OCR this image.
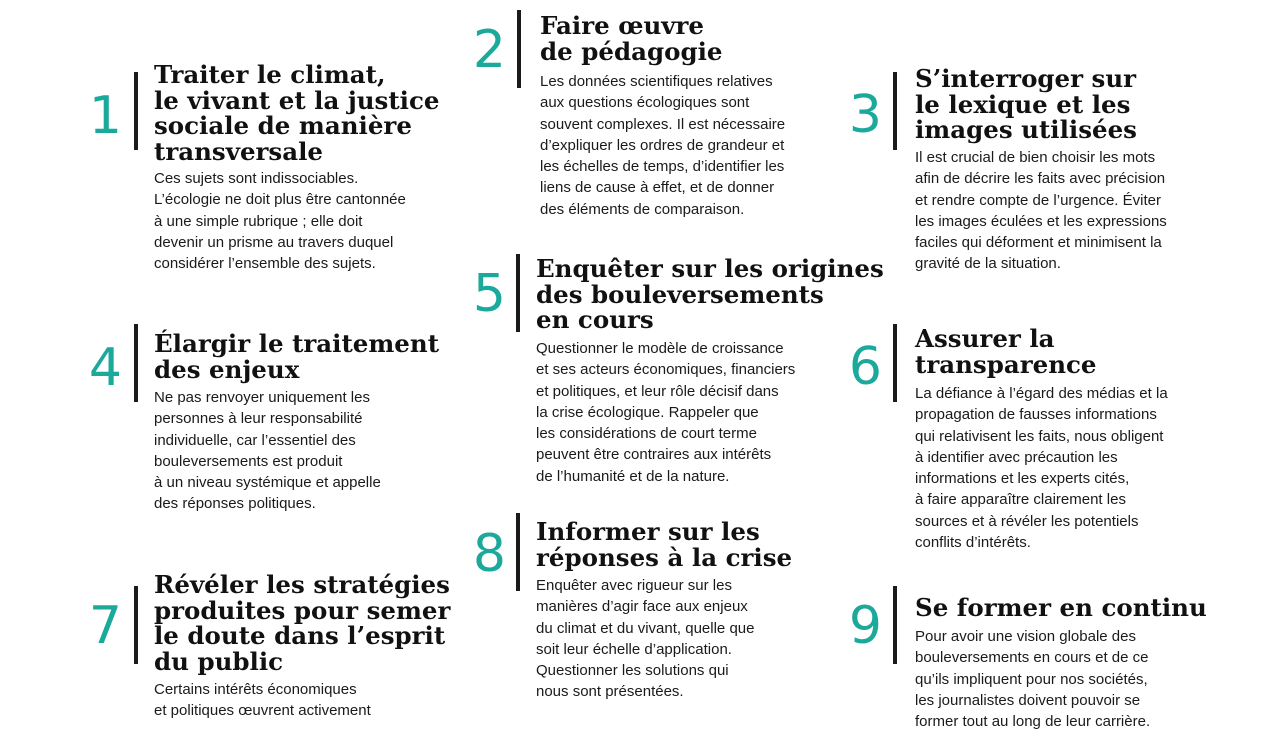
1
Traiter le climat,
le vivant et la justice
sociale de manière
transversale
Ces sujets sont indissociables.
L’écologie ne doit plus être cantonnée
à une simple rubrique ; elle doit
devenir un prisme au travers duquel
considérer l’ensemble des sujets.
2 Faire œuvre
de pédagogie
Les données scientifiques relatives
aux questions écologiques sont
souvent complexes. Il est nécessaire
d’expliquer les ordres de grandeur et
les échelles de temps, d’identifier les
liens de cause à effet, et de donner
des éléments de comparaison.
3
S’interroger sur
le lexique et les
images utilisées
Il est crucial de bien choisir les mots
afin de décrire les faits avec précision
et rendre compte de l’urgence. Éviter
les images éculées et les expressions
faciles qui déforment et minimisent la
gravité de la situation.
4 Élargir le traitement
des enjeux
Ne pas renvoyer uniquement les
personnes à leur responsabilité
individuelle, car l’essentiel des
bouleversements est produit
à un niveau systémique et appelle
des réponses politiques.
5 Enquêter sur les origines
des bouleversements
en cours
Questionner le modèle de croissance
et ses acteurs économiques, financiers
et politiques, et leur rôle décisif dans
la crise écologique. Rappeler que
les considérations de court terme
peuvent être contraires aux intérêts
de l’humanité et de la nature.
6 Assurer la
transparence
La défiance à l’égard des médias et la
propagation de fausses informations
qui relativisent les faits, nous obligent
à identifier avec précaution les
informations et les experts cités,
à faire apparaître clairement les
sources et à révéler les potentiels
conflits d’intérêts.
7
Révéler les stratégies
produites pour semer
le doute dans l’esprit
du public
Certains intérêts économiques
et politiques œuvrent activement
8 Informer sur les
réponses à la crise
Enquêter avec rigueur sur les
manières d’agir face aux enjeux
du climat et du vivant, quelle que
soit leur échelle d’application.
Questionner les solutions qui
nous sont présentées.
9 Se former en continu
Pour avoir une vision globale des
bouleversements en cours et de ce
qu’ils impliquent pour nos sociétés,
les journalistes doivent pouvoir se
former tout au long de leur carrière.
